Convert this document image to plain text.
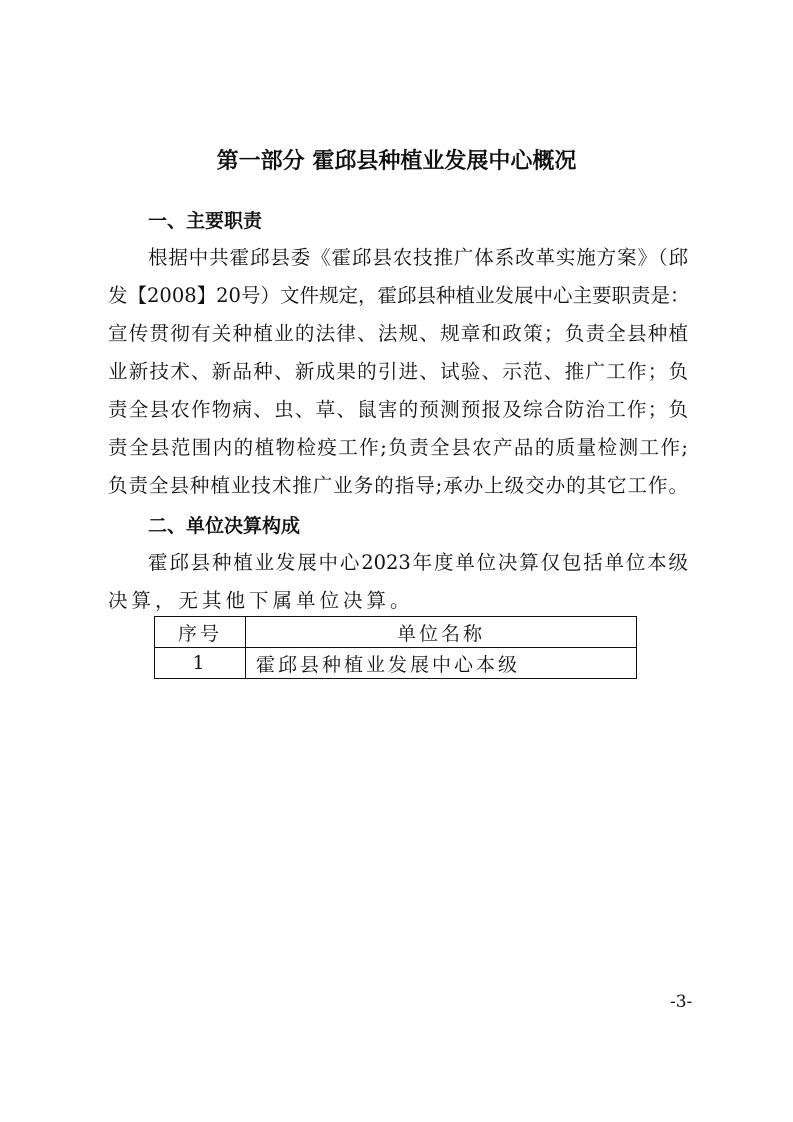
第一部分 霍邱县种植业发展中心概况
一、主要职责
根据中共霍邱县委《霍邱县农技推广体系改革实施方案》（邱
发【2008】20号）文件规定，霍邱县种植业发展中心主要职责是：
宣传贯彻有关种植业的法律、法规、规章和政策；负责全县种植
业新技术、新品种、新成果的引进、试验、示范、推广工作；负
责全县农作物病、虫、草、鼠害的预测预报及综合防治工作；负
责全县范围内的植物检疫工作;负责全县农产品的质量检测工作;
负责全县种植业技术推广业务的指导;承办上级交办的其它工作。
二、单位决算构成
霍邱县种植业发展中心2023年度单位决算仅包括单位本级
决算，无其他下属单位决算。
序号	单位名称
1	霍邱县种植业发展中心本级
-3-
